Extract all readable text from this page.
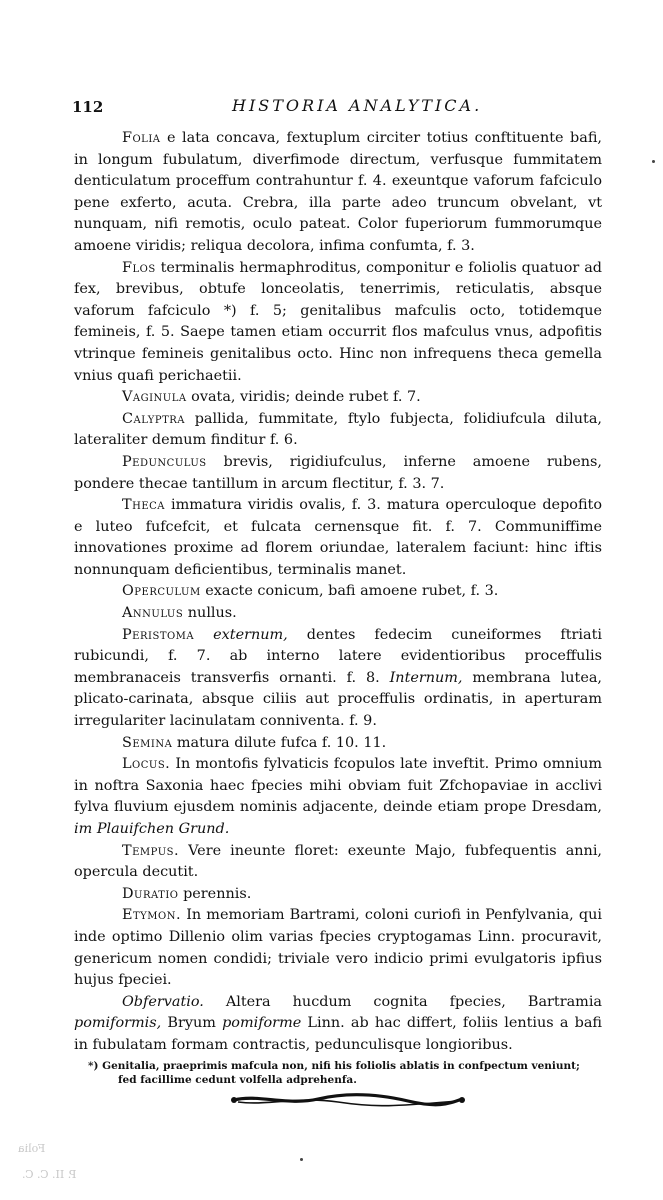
112	HISTORIA ANALYTICA.

Folia e lata concava, fextuplum circiter totius conftituente bafi, in longum fubulatum, diverfimode directum, verfusque fummitatem denticulatum proceffum contrahuntur f. 4. exeuntque vaforum fafciculo pene exferto, acuta. Crebra, illa parte adeo truncum obvelant, vt nunquam, nifi remotis, oculo pateat. Color fuperiorum fummorumque amoene viridis; reliqua decolora, infima confumta, f. 3.

Flos terminalis hermaphroditus, componitur e foliolis quatuor ad fex, brevibus, obtufe lonceolatis, tenerrimis, reticulatis, absque vaforum fafciculo *) f. 5; genitalibus mafculis octo, totidemque femineis, f. 5. Saepe tamen etiam occurrit flos mafculus vnus, adpofitis vtrinque femineis genitalibus octo. Hinc non infrequens theca gemella vnius quafi perichaetii.

Vaginula ovata, viridis; deinde rubet f. 7.

Calyptra pallida, fummitate, ftylo fubjecta, folidiufcula diluta, lateraliter demum finditur f. 6.

Pedunculus brevis, rigidiufculus, inferne amoene rubens, pondere thecae tantillum in arcum flectitur, f. 3. 7.

Theca immatura viridis ovalis, f. 3. matura operculoque depofito e luteo fufcefcit, et fulcata cernensque fit. f. 7. Communiffime innovationes proxime ad florem oriundae, lateralem faciunt: hinc iftis nonnunquam deficientibus, terminalis manet.

Operculum exacte conicum, bafi amoene rubet, f. 3.

Annulus nullus.

Peristoma externum, dentes fedecim cuneiformes ftriati rubicundi, f. 7. ab interno latere evidentioribus proceffulis membranaceis transverfis ornanti. f. 8. Internum, membrana lutea, plicato-carinata, absque ciliis aut proceffulis ordinatis, in aperturam irregulariter lacinulatam conniventa. f. 9.

Semina matura dilute fufca f. 10. 11.

Locus. In montofis fylvaticis fcopulos late inveftit. Primo omnium in noftra Saxonia haec fpecies mihi obviam fuit Zfchopaviae in acclivi fylva fluvium ejusdem nominis adjacente, deinde etiam prope Dresdam, im Plauifchen Grund.

Tempus. Vere ineunte floret: exeunte Majo, fubfequentis anni, opercula decutit.

Duratio perennis.

Etymon. In memoriam Bartrami, coloni curiofi in Penfylvania, qui inde optimo Dillenio olim varias fpecies cryptogamas Linn. procuravit, genericum nomen condidi; triviale vero indicio primi evulgatoris ipfius hujus fpeciei.

Obfervatio. Altera hucdum cognita fpecies, Bartramia pomiformis, Bryum pomiforme Linn. ab hac differt, foliis lentius a bafi in fubulatam formam contractis, pedunculisque longioribus.

*) Genitalia, praeprimis mafcula non, nifi his foliolis ablatis in confpectum veniunt; fed facillime cedunt volfella adprehenfa.

Folia
P. II. C. C.
